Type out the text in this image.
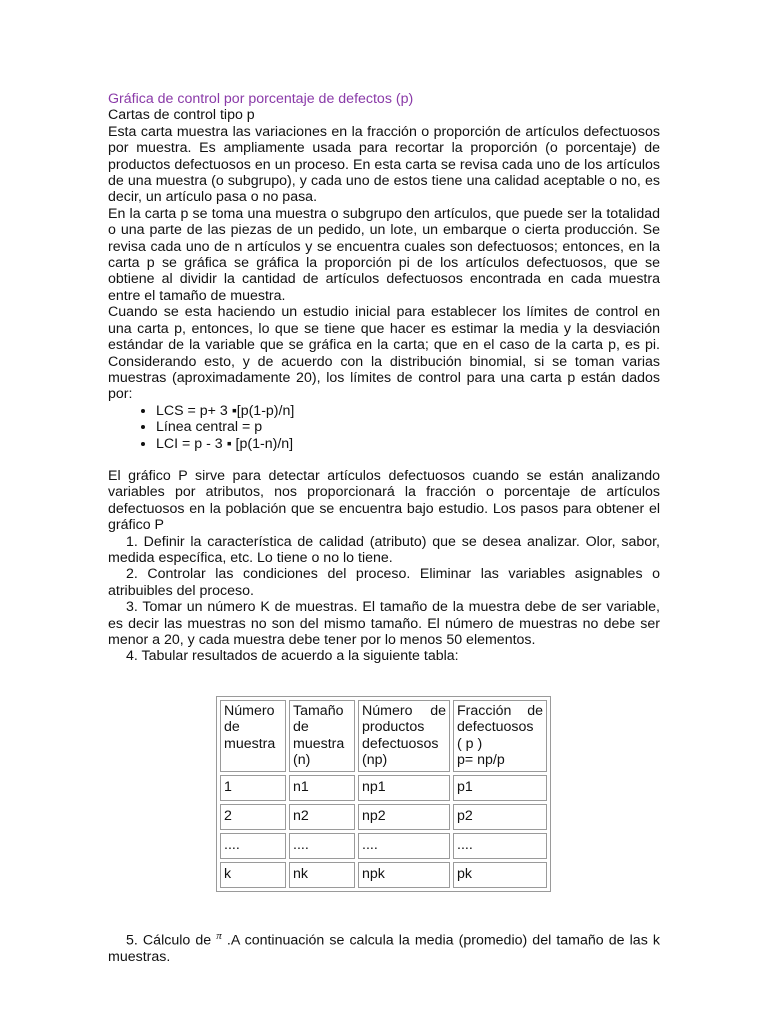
Gráfica de control por porcentaje de defectos (p)
Cartas de control tipo p

Esta carta muestra las variaciones en la fracción o proporción de artículos defectuosos por muestra. Es ampliamente usada para recortar la proporción (o porcentaje) de productos defectuosos en un proceso. En esta carta se revisa cada uno de los artículos de una muestra (o subgrupo), y cada uno de estos tiene una calidad aceptable o no, es decir, un artículo pasa o no pasa.

En la carta p se toma una muestra o subgrupo den artículos, que puede ser la totalidad o una parte de las piezas de un pedido, un lote, un embarque o cierta producción. Se revisa cada uno de n artículos y se encuentra cuales son defectuosos; entonces, en la carta p se gráfica se gráfica la proporción pi de los artículos defectuosos, que se obtiene al dividir la cantidad de artículos defectuosos encontrada en cada muestra entre el tamaño de muestra.

Cuando se esta haciendo un estudio inicial para establecer los límites de control en una carta p, entonces, lo que se tiene que hacer es estimar la media y la desviación estándar de la variable que se gráfica en la carta; que en el caso de la carta p, es pi. Considerando esto, y de acuerdo con la distribución binomial, si se toman varias muestras (aproximadamente 20), los límites de control para una carta p están dados por:

• LCS = p+ 3 ▪[p(1-p)/n]
• Línea central = p
• LCI = p - 3 ▪ [p(1-n)/n]

El gráfico P sirve para detectar artículos defectuosos cuando se están analizando variables por atributos, nos proporcionará la fracción o porcentaje de artículos defectuosos en la población que se encuentra bajo estudio. Los pasos para obtener el gráfico P

1. Definir la característica de calidad (atributo) que se desea analizar. Olor, sabor, medida específica, etc. Lo tiene o no lo tiene.

2. Controlar las condiciones del proceso. Eliminar las variables asignables o atribuibles del proceso.

3. Tomar un número K de muestras. El tamaño de la muestra debe de ser variable, es decir las muestras no son del mismo tamaño. El número de muestras no debe ser menor a 20, y cada muestra debe tener por lo menos 50 elementos.

4. Tabular resultados de acuerdo a la siguiente tabla:

Número de muestra	Tamaño de muestra (n)	Número de productos defectuosos (np)	Fracción de defectuosos
( p )
p= np/p

1	n1	np1	p1
2	n2	np2	p2
....	....	....	....
k	nk	npk	pk

5. Cálculo de $^\pi$ .A continuación se calcula la media (promedio) del tamaño de las k muestras.
